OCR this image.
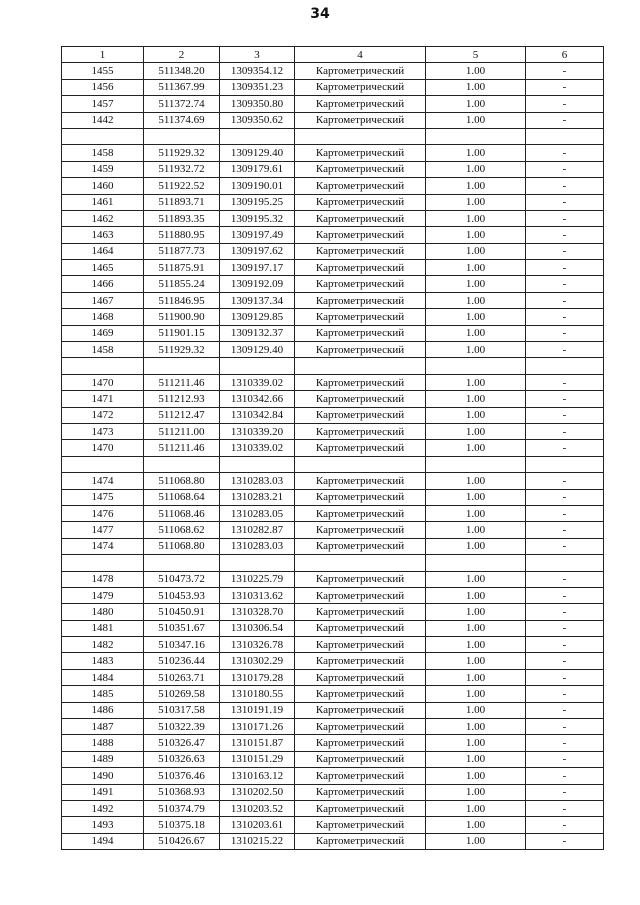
34
1	2	3	4	5	6
1455	511348.20	1309354.12	Картометрический	1.00	-
1456	511367.99	1309351.23	Картометрический	1.00	-
1457	511372.74	1309350.80	Картометрический	1.00	-
1442	511374.69	1309350.62	Картометрический	1.00	-

1458	511929.32	1309129.40	Картометрический	1.00	-
1459	511932.72	1309179.61	Картометрический	1.00	-
1460	511922.52	1309190.01	Картометрический	1.00	-
1461	511893.71	1309195.25	Картометрический	1.00	-
1462	511893.35	1309195.32	Картометрический	1.00	-
1463	511880.95	1309197.49	Картометрический	1.00	-
1464	511877.73	1309197.62	Картометрический	1.00	-
1465	511875.91	1309197.17	Картометрический	1.00	-
1466	511855.24	1309192.09	Картометрический	1.00	-
1467	511846.95	1309137.34	Картометрический	1.00	-
1468	511900.90	1309129.85	Картометрический	1.00	-
1469	511901.15	1309132.37	Картометрический	1.00	-
1458	511929.32	1309129.40	Картометрический	1.00	-

1470	511211.46	1310339.02	Картометрический	1.00	-
1471	511212.93	1310342.66	Картометрический	1.00	-
1472	511212.47	1310342.84	Картометрический	1.00	-
1473	511211.00	1310339.20	Картометрический	1.00	-
1470	511211.46	1310339.02	Картометрический	1.00	-

1474	511068.80	1310283.03	Картометрический	1.00	-
1475	511068.64	1310283.21	Картометрический	1.00	-
1476	511068.46	1310283.05	Картометрический	1.00	-
1477	511068.62	1310282.87	Картометрический	1.00	-
1474	511068.80	1310283.03	Картометрический	1.00	-

1478	510473.72	1310225.79	Картометрический	1.00	-
1479	510453.93	1310313.62	Картометрический	1.00	-
1480	510450.91	1310328.70	Картометрический	1.00	-
1481	510351.67	1310306.54	Картометрический	1.00	-
1482	510347.16	1310326.78	Картометрический	1.00	-
1483	510236.44	1310302.29	Картометрический	1.00	-
1484	510263.71	1310179.28	Картометрический	1.00	-
1485	510269.58	1310180.55	Картометрический	1.00	-
1486	510317.58	1310191.19	Картометрический	1.00	-
1487	510322.39	1310171.26	Картометрический	1.00	-
1488	510326.47	1310151.87	Картометрический	1.00	-
1489	510326.63	1310151.29	Картометрический	1.00	-
1490	510376.46	1310163.12	Картометрический	1.00	-
1491	510368.93	1310202.50	Картометрический	1.00	-
1492	510374.79	1310203.52	Картометрический	1.00	-
1493	510375.18	1310203.61	Картометрический	1.00	-
1494	510426.67	1310215.22	Картометрический	1.00	-
